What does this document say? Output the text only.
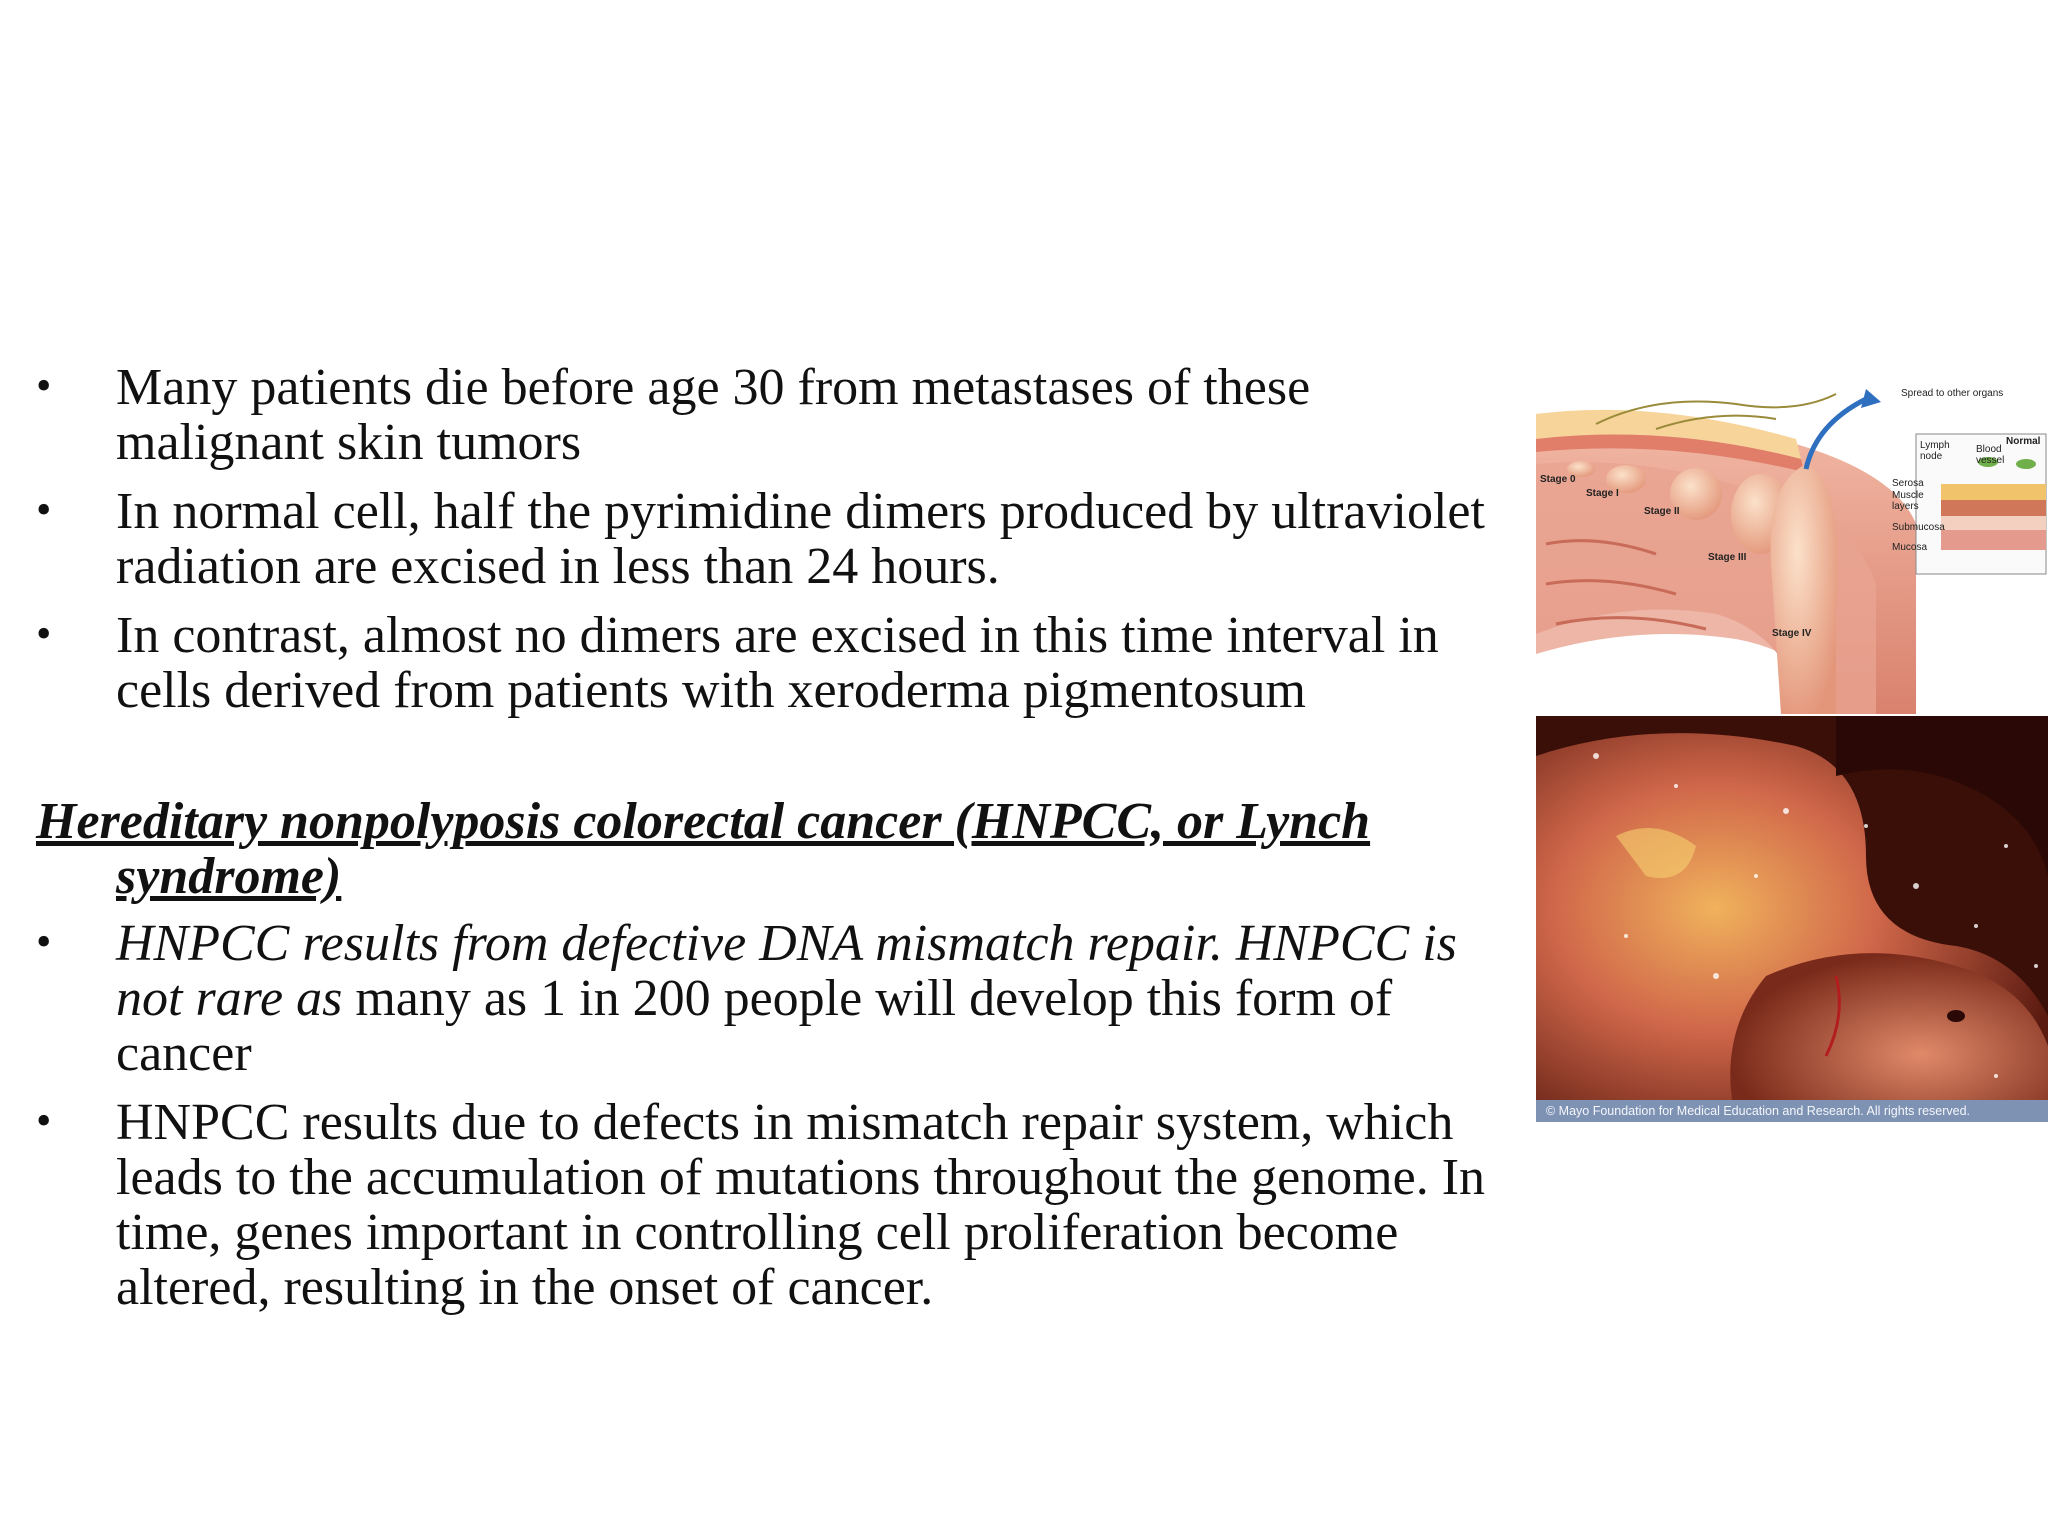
• Many patients die before age 30 from metastases of these malignant skin tumors
• In normal cell, half the pyrimidine dimers produced by ultraviolet radiation are excised in less than 24 hours.
• In contrast, almost no dimers are excised in this time interval in cells derived from patients with xeroderma pigmentosum
Hereditary nonpolyposis colorectal cancer (HNPCC, or Lynch syndrome)
• HNPCC results from defective DNA mismatch repair. HNPCC is not rare as many as 1 in 200 people will develop this form of cancer
• HNPCC results due to defects in mismatch repair system, which leads to the accumulation of mutations throughout the genome. In time, genes important in controlling cell proliferation become altered, resulting in the onset of cancer.
Spread to other organs
Normal
Lymph node
Blood vessel
Serosa
Muscle layers
Submucosa
Mucosa
Stage 0
Stage I
Stage II
Stage III
Stage IV
© Mayo Foundation for Medical Education and Research. All rights reserved.
